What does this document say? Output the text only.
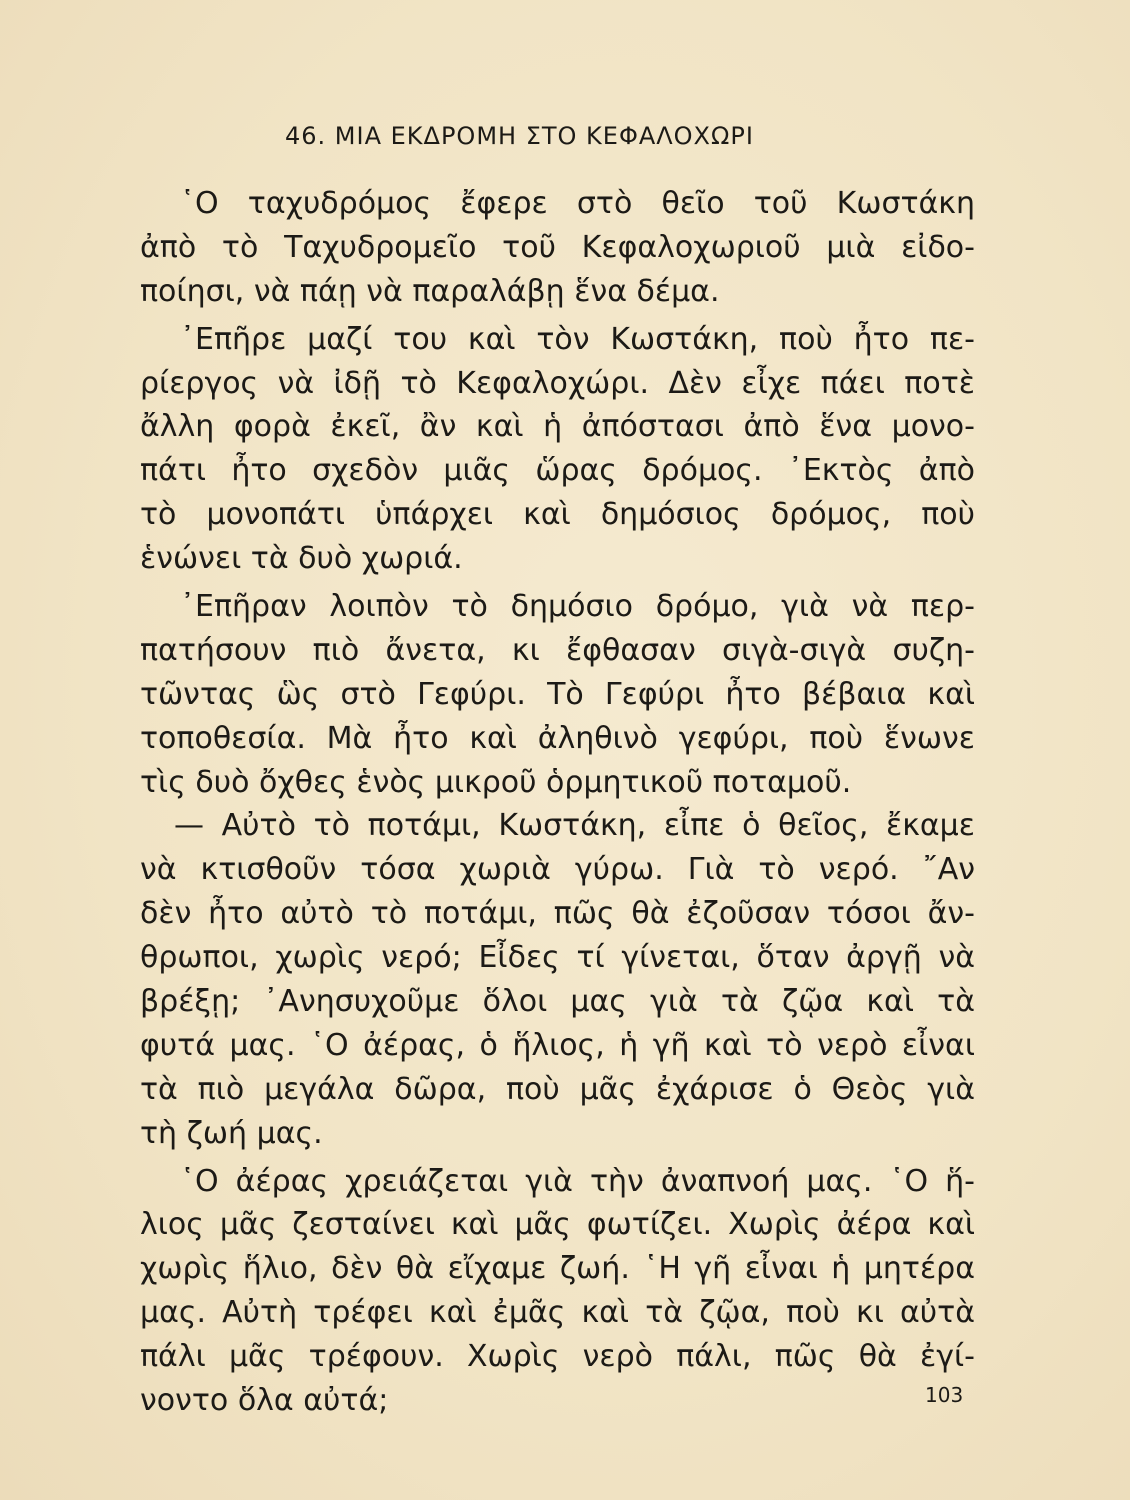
46. ΜΙΑ ΕΚΔΡΟΜΗ ΣΤΟ ΚΕΦΑΛΟΧΩΡΙ
῾Ο ταχυδρόμος ἔφερε στὸ θεῖο τοῦ Κωστάκη
ἀπὸ τὸ Ταχυδρομεῖο τοῦ Κεφαλοχωριοῦ μιὰ εἰδο-
ποίησι, νὰ πάῃ νὰ παραλάβῃ ἕνα δέμα.
᾿Επῆρε μαζί του καὶ τὸν Κωστάκη, ποὺ ἦτο πε-
ρίεργος νὰ ἰδῇ τὸ Κεφαλοχώρι. Δὲν εἶχε πάει ποτὲ
ἄλλη φορὰ ἐκεῖ, ἂν καὶ ἡ ἀπόστασι ἀπὸ ἕνα μονο-
πάτι ἦτο σχεδὸν μιᾶς ὥρας δρόμος. ᾿Εκτὸς ἀπὸ
τὸ μονοπάτι ὑπάρχει καὶ δημόσιος δρόμος, ποὺ
ἑνώνει τὰ δυὸ χωριά.
᾿Επῆραν λοιπὸν τὸ δημόσιο δρόμο, γιὰ νὰ περ-
πατήσουν πιὸ ἄνετα, κι ἔφθασαν σιγὰ-σιγὰ συζη-
τῶντας ὣς στὸ Γεφύρι. Τὸ Γεφύρι ἦτο βέβαια καὶ
τοποθεσία. Μὰ ἦτο καὶ ἀληθινὸ γεφύρι, ποὺ ἕνωνε
τὶς δυὸ ὄχθες ἑνὸς μικροῦ ὁρμητικοῦ ποταμοῦ.
— Αὐτὸ τὸ ποτάμι, Κωστάκη, εἶπε ὁ θεῖος, ἔκαμε
νὰ κτισθοῦν τόσα χωριὰ γύρω. Γιὰ τὸ νερό. ῎Αν
δὲν ἦτο αὐτὸ τὸ ποτάμι, πῶς θὰ ἐζοῦσαν τόσοι ἄν-
θρωποι, χωρὶς νερό; Εἶδες τί γίνεται, ὅταν ἀργῇ νὰ
βρέξῃ; ᾿Ανησυχοῦμε ὅλοι μας γιὰ τὰ ζῷα καὶ τὰ
φυτά μας. ῾Ο ἀέρας, ὁ ἥλιος, ἡ γῆ καὶ τὸ νερὸ εἶναι
τὰ πιὸ μεγάλα δῶρα, ποὺ μᾶς ἐχάρισε ὁ Θεὸς γιὰ
τὴ ζωή μας.
῾Ο ἀέρας χρειάζεται γιὰ τὴν ἀναπνοή μας. ῾Ο ἥ-
λιος μᾶς ζεσταίνει καὶ μᾶς φωτίζει. Χωρὶς ἀέρα καὶ
χωρὶς ἥλιο, δὲν θὰ εἴχαμε ζωή. ῾Η γῆ εἶναι ἡ μητέρα
μας. Αὐτὴ τρέφει καὶ ἐμᾶς καὶ τὰ ζῷα, ποὺ κι αὐτὰ
πάλι μᾶς τρέφουν. Χωρὶς νερὸ πάλι, πῶς θὰ ἐγί-
νοντο ὅλα αὐτά;	103
